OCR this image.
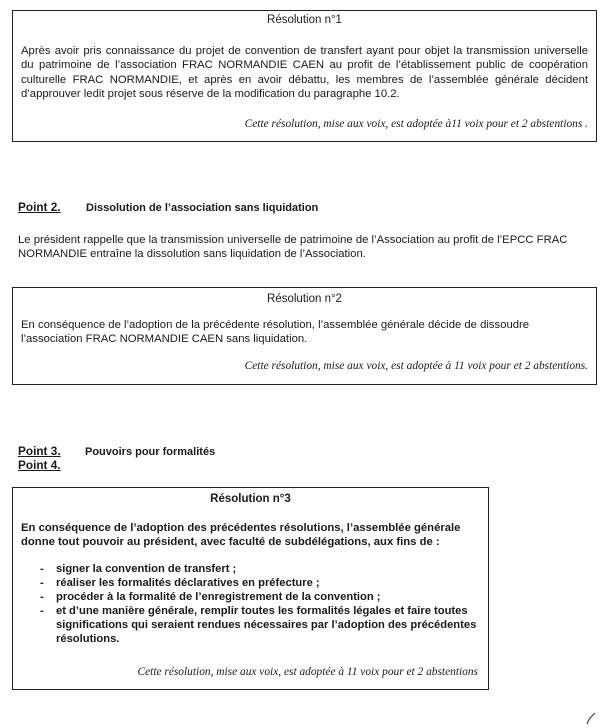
Résolution n°1
Après avoir pris connaissance du projet de convention de transfert ayant pour objet la transmission universelle du patrimoine de l’association FRAC NORMANDIE CAEN au profit de l’établissement public de coopération culturelle FRAC NORMANDIE, et après en avoir débattu, les membres de l’assemblée générale décident d’approuver ledit projet sous réserve de la modification du paragraphe 10.2.
Cette résolution, mise aux voix, est adoptée à11 voix pour et 2 abstentions .
Point 2. Dissolution de l’association sans liquidation
Le président rappelle que la transmission universelle de patrimoine de l’Association au profit de l’EPCC FRAC NORMANDIE entraîne la dissolution sans liquidation de l’Association.
Résolution n°2
En conséquence de l’adoption de la précédente résolution, l’assemblée générale décide de dissoudre l’association FRAC NORMANDIE CAEN sans liquidation.
Cette résolution, mise aux voix, est adoptée à 11 voix pour et 2 abstentions.
Point 3. Pouvoirs pour formalités
Point 4.
Résolution n°3
En conséquence de l’adoption des précédentes résolutions, l’assemblée générale donne tout pouvoir au président, avec faculté de subdélégations, aux fins de :
- signer la convention de transfert ;
- réaliser les formalités déclaratives en préfecture ;
- procéder à la formalité de l’enregistrement de la convention ;
- et d’une manière générale, remplir toutes les formalités légales et faire toutes significations qui seraient rendues nécessaires par l’adoption des précédentes résolutions.
Cette résolution, mise aux voix, est adoptée à 11 voix pour et 2 abstentions
